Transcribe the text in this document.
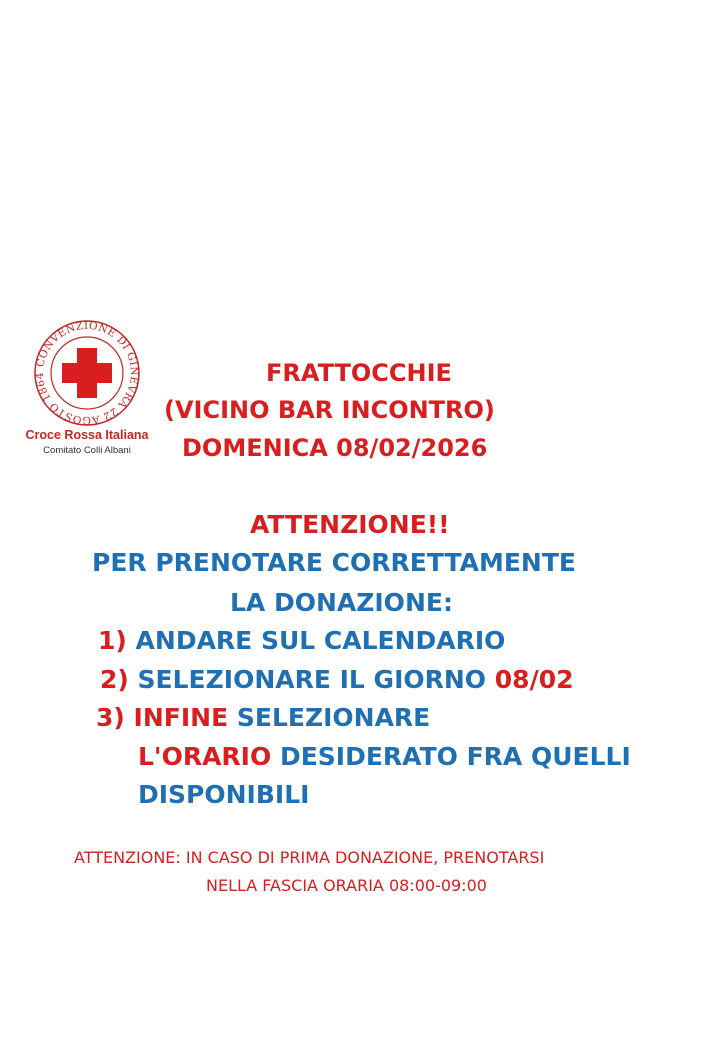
CONVENZIONE DI GINEVRA 22 AGOSTO 1864
Croce Rossa Italiana
Comitato Colli Albani
FRATTOCCHIE
(VICINO BAR INCONTRO)
DOMENICA 08/02/2026
ATTENZIONE!!
PER PRENOTARE CORRETTAMENTE
LA DONAZIONE:
1) ANDARE SUL CALENDARIO
2) SELEZIONARE IL GIORNO 08/02
3) INFINE SELEZIONARE
L'ORARIO DESIDERATO FRA QUELLI
DISPONIBILI
ATTENZIONE: IN CASO DI PRIMA DONAZIONE, PRENOTARSI
NELLA FASCIA ORARIA 08:00-09:00
